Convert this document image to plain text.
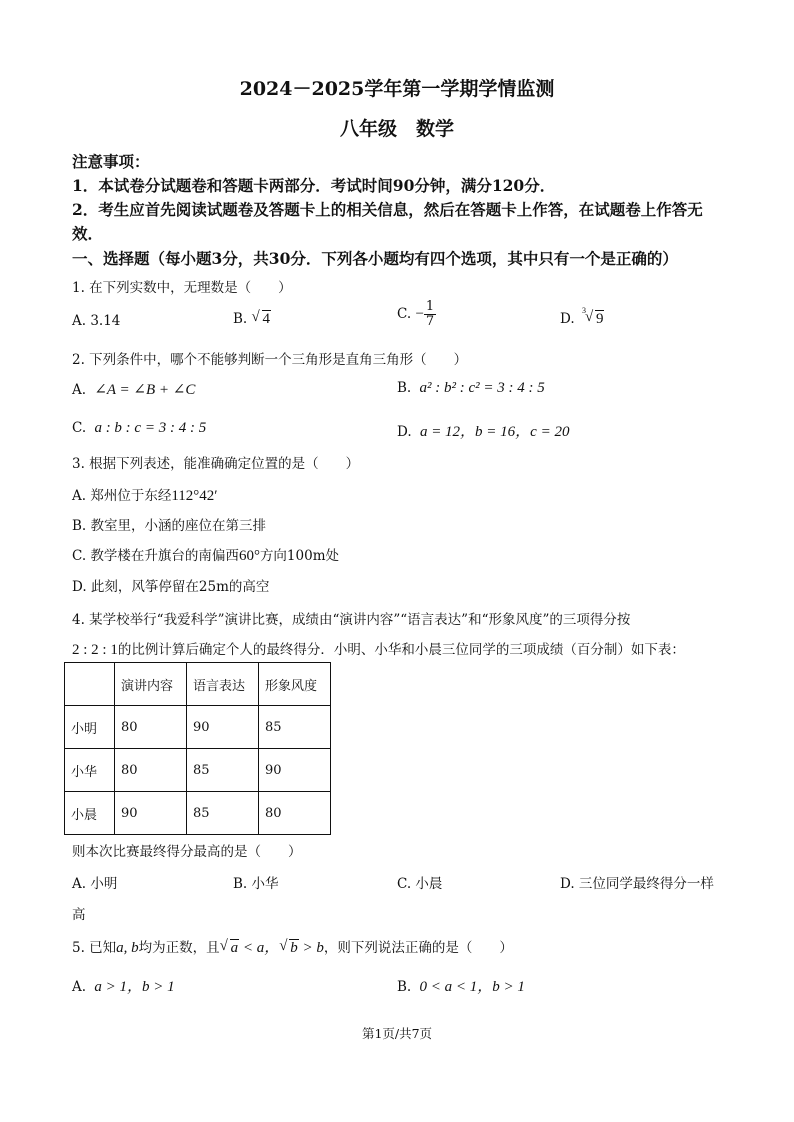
2024－2025学年第一学期学情监测
八年级　数学
注意事项：
1．本试卷分试题卷和答题卡两部分．考试时间90分钟，满分120分．
2．考生应首先阅读试题卷及答题卡上的相关信息，然后在答题卡上作答，在试题卷上作答无
效．
一、选择题（每小题3分，共30分．下列各小题均有四个选项，其中只有一个是正确的）
1. 在下列实数中，无理数是（　　）
A. 3.14	B. √ 4	C. − $\frac{1}{7}$	D.
3 √ 9
2. 下列条件中，哪个不能够判断一个三角形是直角三角形（　　）
A. ∠A = ∠B + ∠C	B. a² : b² : c² = 3 : 4 : 5
C. a : b : c = 3 : 4 : 5	D. a = 12，b = 16，c = 20
3. 根据下列表述，能准确确定位置的是（　　）
A. 郑州位于东经112°42′
B. 教室里，小涵的座位在第三排
C. 教学楼在升旗台的南偏西60°方向100m处
D. 此刻，风筝停留在25m的高空
4. 某学校举行“我爱科学”演讲比赛，成绩由“演讲内容”“语言表达”和“形象风度”的三项得分按
2 : 2 : 1的比例计算后确定个人的最终得分．小明、小华和小晨三位同学的三项成绩（百分制）如下表：
	演讲内容	语言表达	形象风度
小明	80	90	85
小华	80	85	90
小晨	90	85	80
则本次比赛最终得分最高的是（　　）
A. 小明	B. 小华	C. 小晨	D. 三位同学最终得分一样
高
5. 已知a, b均为正数，且 √ a < a， √ b > b，则下列说法正确的是（　　）
A. a > 1，b > 1	B. 0 < a < 1，b > 1
第1页/共7页
